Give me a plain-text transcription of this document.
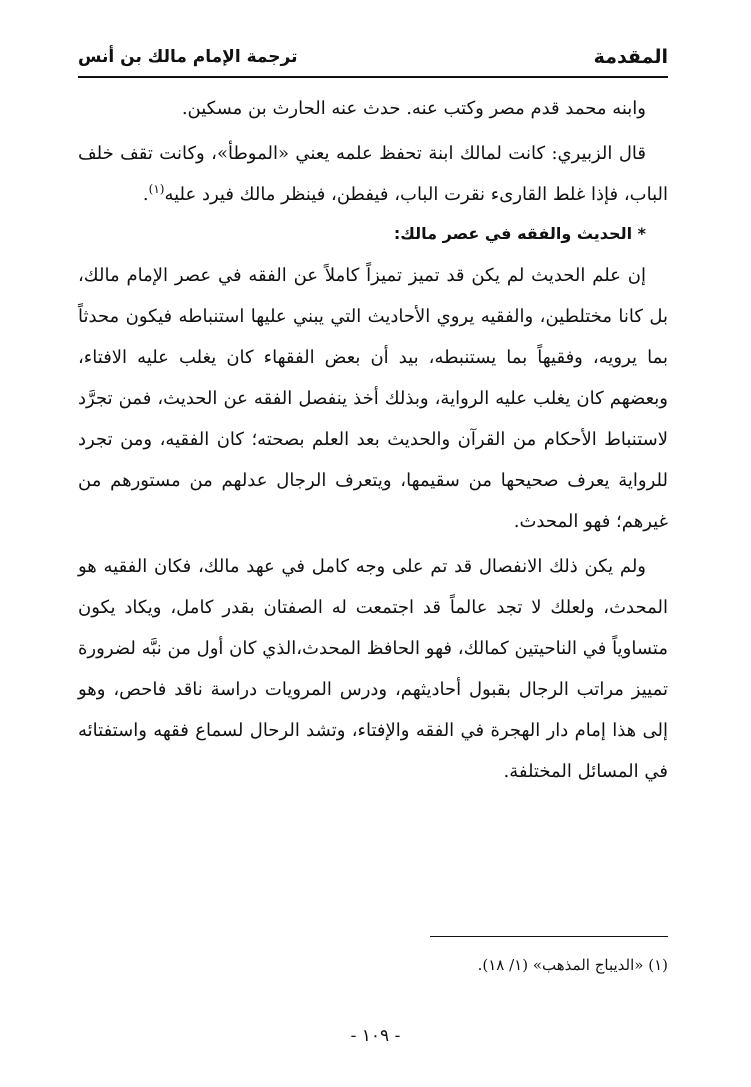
المقدمة
ترجمة الإمام مالك بن أنس

وابنه محمد قدم مصر وكتب عنه. حدث عنه الحارث بن مسكين.

قال الزبيري: كانت لمالك ابنة تحفظ علمه يعني «الموطأ»، وكانت تقف خلف الباب، فإذا غلط القارىء نقرت الباب، فيفطن، فينظر مالك فيرد عليه$^{(١)}$.

* الحديث والفقه في عصر مالك:

إن علم الحديث لم يكن قد تميز تميزاً كاملاً عن الفقه في عصر الإمام مالك، بل كانا مختلطين، والفقيه يروي الأحاديث التي يبني عليها استنباطه فيكون محدثاً بما يرويه، وفقيهاً بما يستنبطه، بيد أن بعض الفقهاء كان يغلب عليه الافتاء، وبعضهم كان يغلب عليه الرواية، وبذلك أخذ ينفصل الفقه عن الحديث، فمن تجرَّد لاستنباط الأحكام من القرآن والحديث بعد العلم بصحته؛ كان الفقيه، ومن تجرد للرواية يعرف صحيحها من سقيمها، ويتعرف الرجال عدلهم من مستورهم من غيرهم؛ فهو المحدث.

ولم يكن ذلك الانفصال قد تم على وجه كامل في عهد مالك، فكان الفقيه هو المحدث، ولعلك لا تجد عالماً قد اجتمعت له الصفتان بقدر كامل، ويكاد يكون متساوياً في الناحيتين كمالك، فهو الحافظ المحدث،الذي كان أول من نبَّه لضرورة تمييز مراتب الرجال بقبول أحاديثهم، ودرس المرويات دراسة ناقد فاحص، وهو إلى هذا إمام دار الهجرة في الفقه والإفتاء، وتشد الرحال لسماع فقهه واستفتائه في المسائل المختلفة.

(١) «الديباج المذهب» (١/ ١٨).
- ١٠٩ -
